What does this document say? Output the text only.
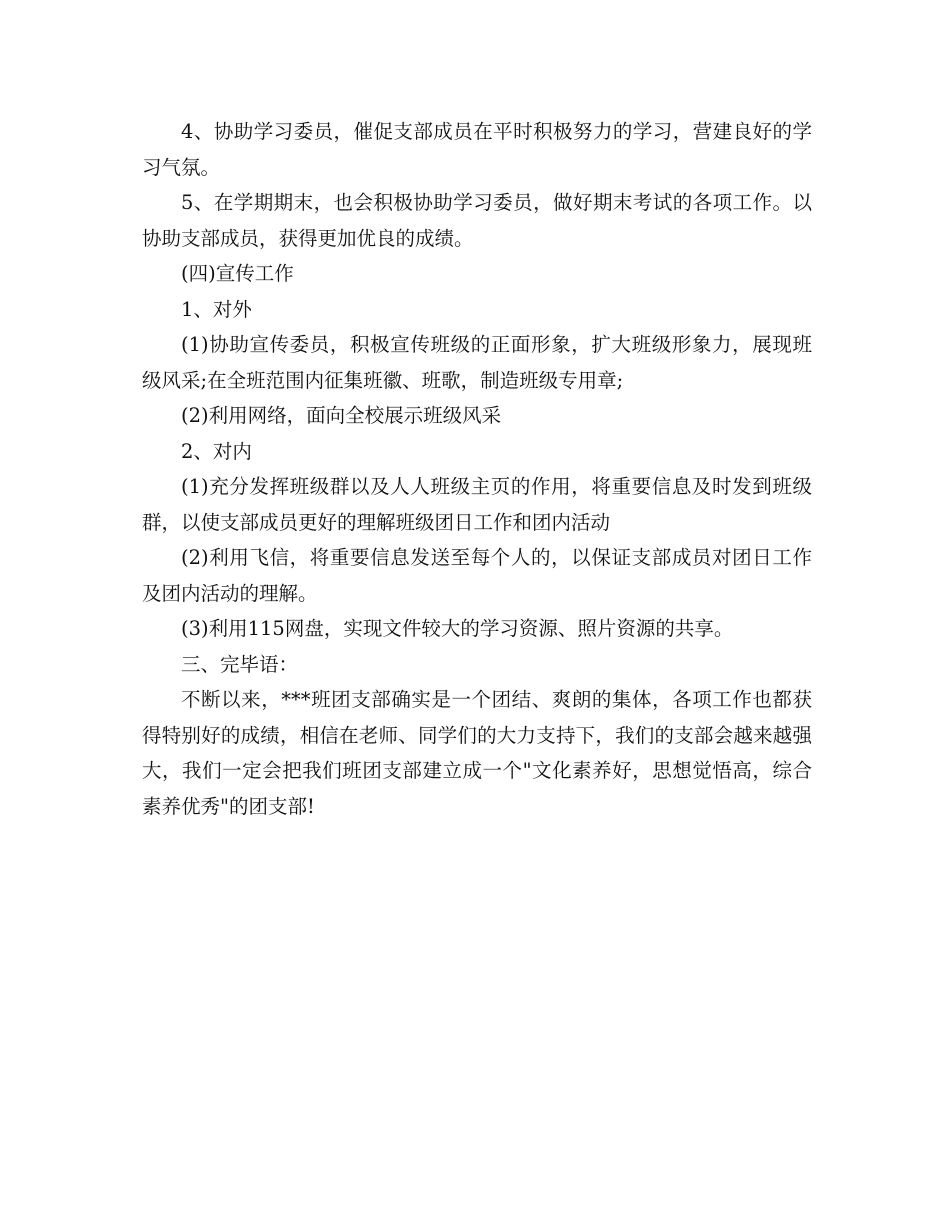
4、协助学习委员，催促支部成员在平时积极努力的学习，营建良好的学习气氛。

5、在学期期末，也会积极协助学习委员，做好期末考试的各项工作。以协助支部成员，获得更加优良的成绩。

(四)宣传工作

1、对外

(1)协助宣传委员，积极宣传班级的正面形象，扩大班级形象力，展现班级风采;在全班范围内征集班徽、班歌，制造班级专用章;

(2)利用网络，面向全校展示班级风采

2、对内

(1)充分发挥班级群以及人人班级主页的作用，将重要信息及时发到班级群，以使支部成员更好的理解班级团日工作和团内活动

(2)利用飞信，将重要信息发送至每个人的，以保证支部成员对团日工作及团内活动的理解。

(3)利用115网盘，实现文件较大的学习资源、照片资源的共享。

三、完毕语：

不断以来，***班团支部确实是一个团结、爽朗的集体，各项工作也都获得特别好的成绩，相信在老师、同学们的大力支持下，我们的支部会越来越强大，我们一定会把我们班团支部建立成一个"文化素养好，思想觉悟高，综合素养优秀"的团支部!
